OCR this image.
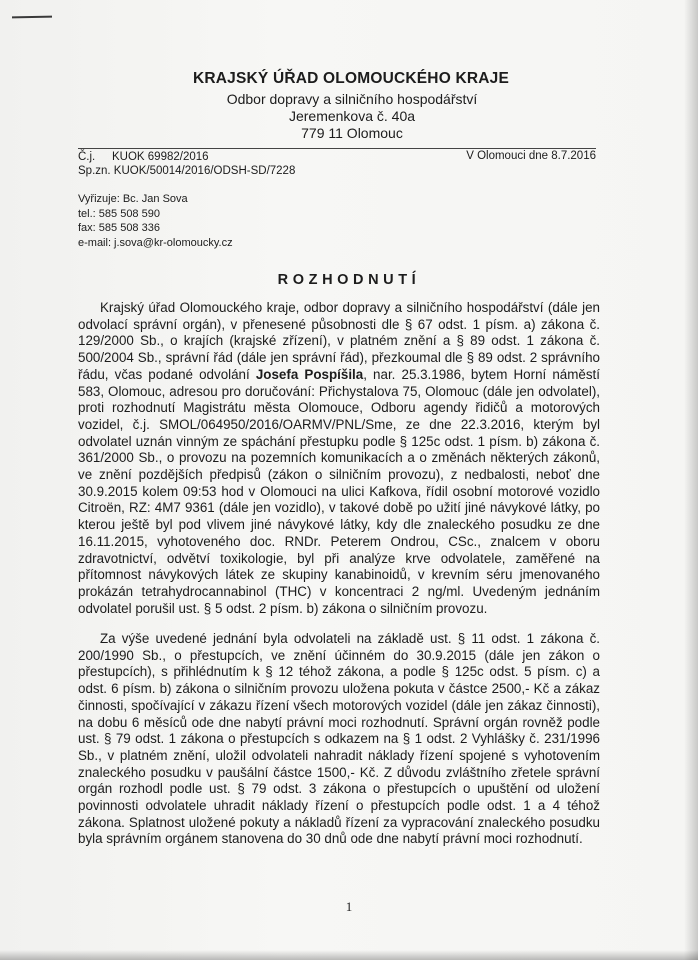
KRAJSKÝ ÚŘAD OLOMOUCKÉHO KRAJE
Odbor dopravy a silničního hospodářství
Jeremenkova č. 40a
779 11 Olomouc
Č.j. KUOK 69982/2016	V Olomouci dne 8.7.2016
Sp.zn. KUOK/50014/2016/ODSH-SD/7228
Vyřizuje: Bc. Jan Sova
tel.: 585 508 590
fax: 585 508 336
e-mail: j.sova@kr-olomoucky.cz
ROZHODNUTÍ

Krajský úřad Olomouckého kraje, odbor dopravy a silničního hospodářství (dále jen odvolací správní orgán), v přenesené působnosti dle § 67 odst. 1 písm. a) zákona č. 129/2000 Sb., o krajích (krajské zřízení), v platném znění a § 89 odst. 1 zákona č. 500/2004 Sb., správní řád (dále jen správní řád), přezkoumal dle § 89 odst. 2 správního řádu, včas podané odvolání Josefa Pospíšila, nar. 25.3.1986, bytem Horní náměstí 583, Olomouc, adresou pro doručování: Přichystalova 75, Olomouc (dále jen odvolatel), proti rozhodnutí Magistrátu města Olomouce, Odboru agendy řidičů a motorových vozidel, č.j. SMOL/064950/2016/OARMV/PNL/Sme, ze dne 22.3.2016, kterým byl odvolatel uznán vinným ze spáchání přestupku podle § 125c odst. 1 písm. b) zákona č. 361/2000 Sb., o provozu na pozemních komunikacích a o změnách některých zákonů, ve znění pozdějších předpisů (zákon o silničním provozu), z nedbalosti, neboť dne 30.9.2015 kolem 09:53 hod v Olomouci na ulici Kafkova, řídil osobní motorové vozidlo Citroën, RZ: 4M7 9361 (dále jen vozidlo), v takové době po užití jiné návykové látky, po kterou ještě byl pod vlivem jiné návykové látky, kdy dle znaleckého posudku ze dne 16.11.2015, vyhotoveného doc. RNDr. Peterem Ondrou, CSc., znalcem v oboru zdravotnictví, odvětví toxikologie, byl při analýze krve odvolatele, zaměřené na přítomnost návykových látek ze skupiny kanabinoidů, v krevním séru jmenovaného prokázán tetrahydrocannabinol (THC) v koncentraci 2 ng/ml. Uvedeným jednáním odvolatel porušil ust. § 5 odst. 2 písm. b) zákona o silničním provozu.

Za výše uvedené jednání byla odvolateli na základě ust. § 11 odst. 1 zákona č. 200/1990 Sb., o přestupcích, ve znění účinném do 30.9.2015 (dále jen zákon o přestupcích), s přihlédnutím k § 12 téhož zákona, a podle § 125c odst. 5 písm. c) a odst. 6 písm. b) zákona o silničním provozu uložena pokuta v částce 2500,- Kč a zákaz činnosti, spočívající v zákazu řízení všech motorových vozidel (dále jen zákaz činnosti), na dobu 6 měsíců ode dne nabytí právní moci rozhodnutí. Správní orgán rovněž podle ust. § 79 odst. 1 zákona o přestupcích s odkazem na § 1 odst. 2 Vyhlášky č. 231/1996 Sb., v platném znění, uložil odvolateli nahradit náklady řízení spojené s vyhotovením znaleckého posudku v paušální částce 1500,- Kč. Z důvodu zvláštního zřetele správní orgán rozhodl podle ust. § 79 odst. 3 zákona o přestupcích o upuštění od uložení povinnosti odvolatele uhradit náklady řízení o přestupcích podle odst. 1 a 4 téhož zákona. Splatnost uložené pokuty a nákladů řízení za vypracování znaleckého posudku byla správním orgánem stanovena do 30 dnů ode dne nabytí právní moci rozhodnutí.

1
